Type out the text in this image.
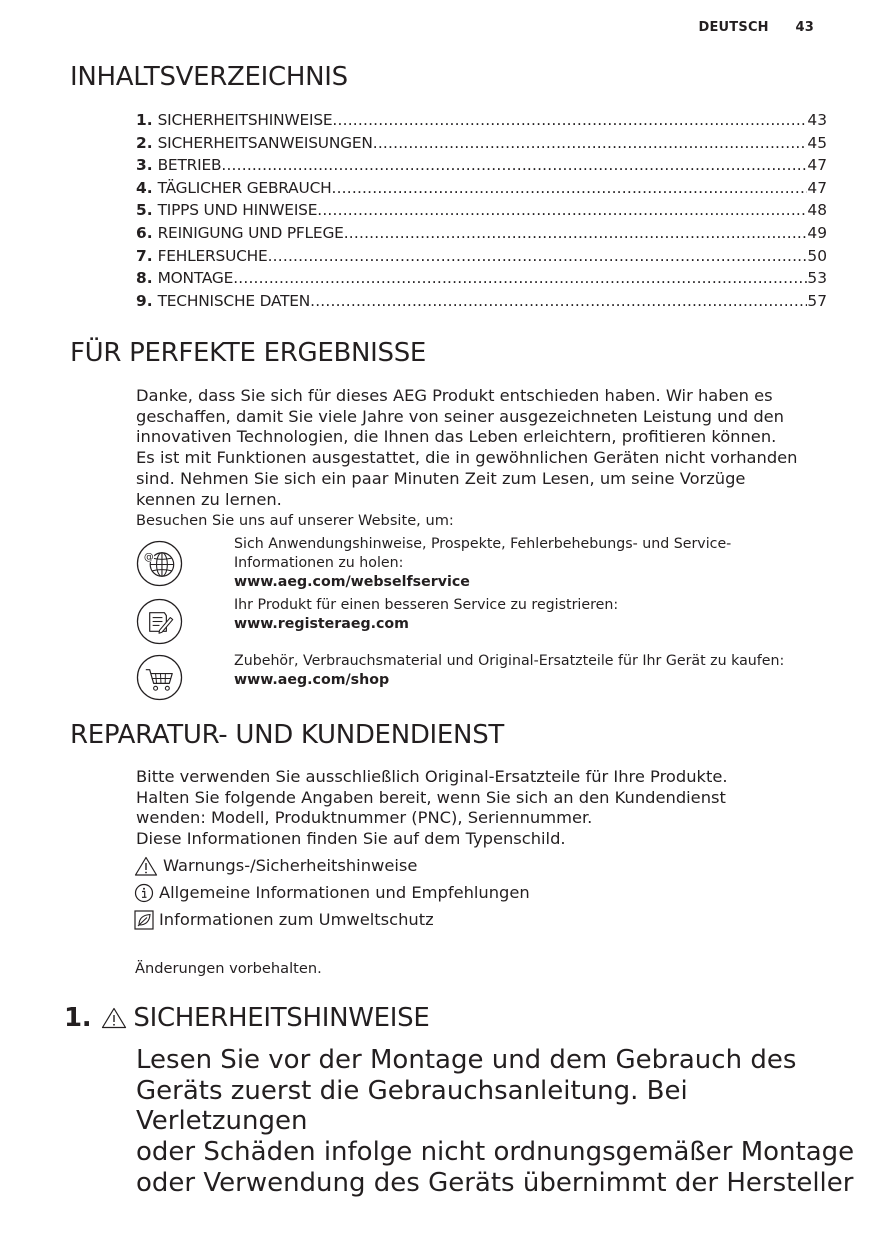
DEUTSCH 43
INHALTSVERZEICHNIS
1. SICHERHEITSHINWEISE .....	43
2. SICHERHEITSANWEISUNGEN .....	45
3. BETRIEB .....	47
4. TÄGLICHER GEBRAUCH .....	47
5. TIPPS UND HINWEISE .....	48
6. REINIGUNG UND PFLEGE .....	49
7. FEHLERSUCHE .....	50
8. MONTAGE .....	53
9. TECHNISCHE DATEN .....	57
FÜR PERFEKTE ERGEBNISSE

Danke, dass Sie sich für dieses AEG Produkt entschieden haben. Wir haben es

geschaffen, damit Sie viele Jahre von seiner ausgezeichneten Leistung und den

innovativen Technologien, die Ihnen das Leben erleichtern, profitieren können.

Es ist mit Funktionen ausgestattet, die in gewöhnlichen Geräten nicht vorhanden

sind. Nehmen Sie sich ein paar Minuten Zeit zum Lesen, um seine Vorzüge

kennen zu lernen.

Besuchen Sie uns auf unserer Website, um:
@
Sich Anwendungshinweise, Prospekte, Fehlerbehebungs- und Service-
Informationen zu holen:
www.aeg.com/webselfservice
Ihr Produkt für einen besseren Service zu registrieren:
www.registeraeg.com
Zubehör, Verbrauchsmaterial und Original-Ersatzteile für Ihr Gerät zu kaufen:
www.aeg.com/shop
REPARATUR- UND KUNDENDIENST

Bitte verwenden Sie ausschließlich Original-Ersatzteile für Ihre Produkte.

Halten Sie folgende Angaben bereit, wenn Sie sich an den Kundendienst

wenden: Modell, Produktnummer (PNC), Seriennummer.

Diese Informationen finden Sie auf dem Typenschild.

Warnungs-/Sicherheitshinweise
Allgemeine Informationen und Empfehlungen
Informationen zum Umweltschutz
Änderungen vorbehalten.
1. SICHERHEITSHINWEISE
Lesen Sie vor der Montage und dem Gebrauch des
Geräts zuerst die Gebrauchsanleitung. Bei Verletzungen
oder Schäden infolge nicht ordnungsgemäßer Montage
oder Verwendung des Geräts übernimmt der Hersteller
